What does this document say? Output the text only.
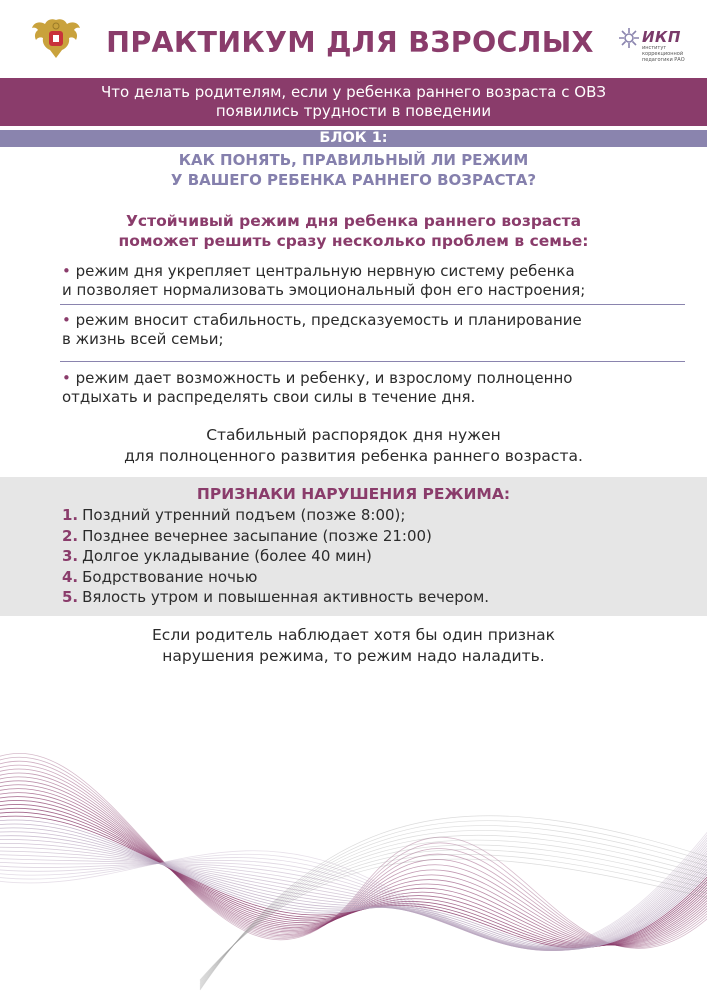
ПРАКТИКУМ ДЛЯ ВЗРОСЛЫХ	ИКП
институт коррекционной педагогики РАО
Что делать родителям, если у ребенка раннего возраста с ОВЗ
появились трудности в поведении
БЛОК 1:
КАК ПОНЯТЬ, ПРАВИЛЬНЫЙ ЛИ РЕЖИМ
У ВАШЕГО РЕБЕНКА РАННЕГО ВОЗРАСТА?
Устойчивый режим дня ребенка раннего возраста
поможет решить сразу несколько проблем в семье:
• режим дня укрепляет центральную нервную систему ребенка
и позволяет нормализовать эмоциональный фон его настроения;
• режим вносит стабильность, предсказуемость и планирование
в жизнь всей семьи;
• режим дает возможность и ребенку, и взрослому полноценно
отдыхать и распределять свои силы в течение дня.
Стабильный распорядок дня нужен
для полноценного развития ребенка раннего возраста.
ПРИЗНАКИ НАРУШЕНИЯ РЕЖИМА:
1. Поздний утренний подъем (позже 8:00);
2. Позднее вечернее засыпание (позже 21:00)
3. Долгое укладывание (более 40 мин)
4. Бодрствование ночью
5. Вялость утром и повышенная активность вечером.
Если родитель наблюдает хотя бы один признак
нарушения режима, то режим надо наладить.
